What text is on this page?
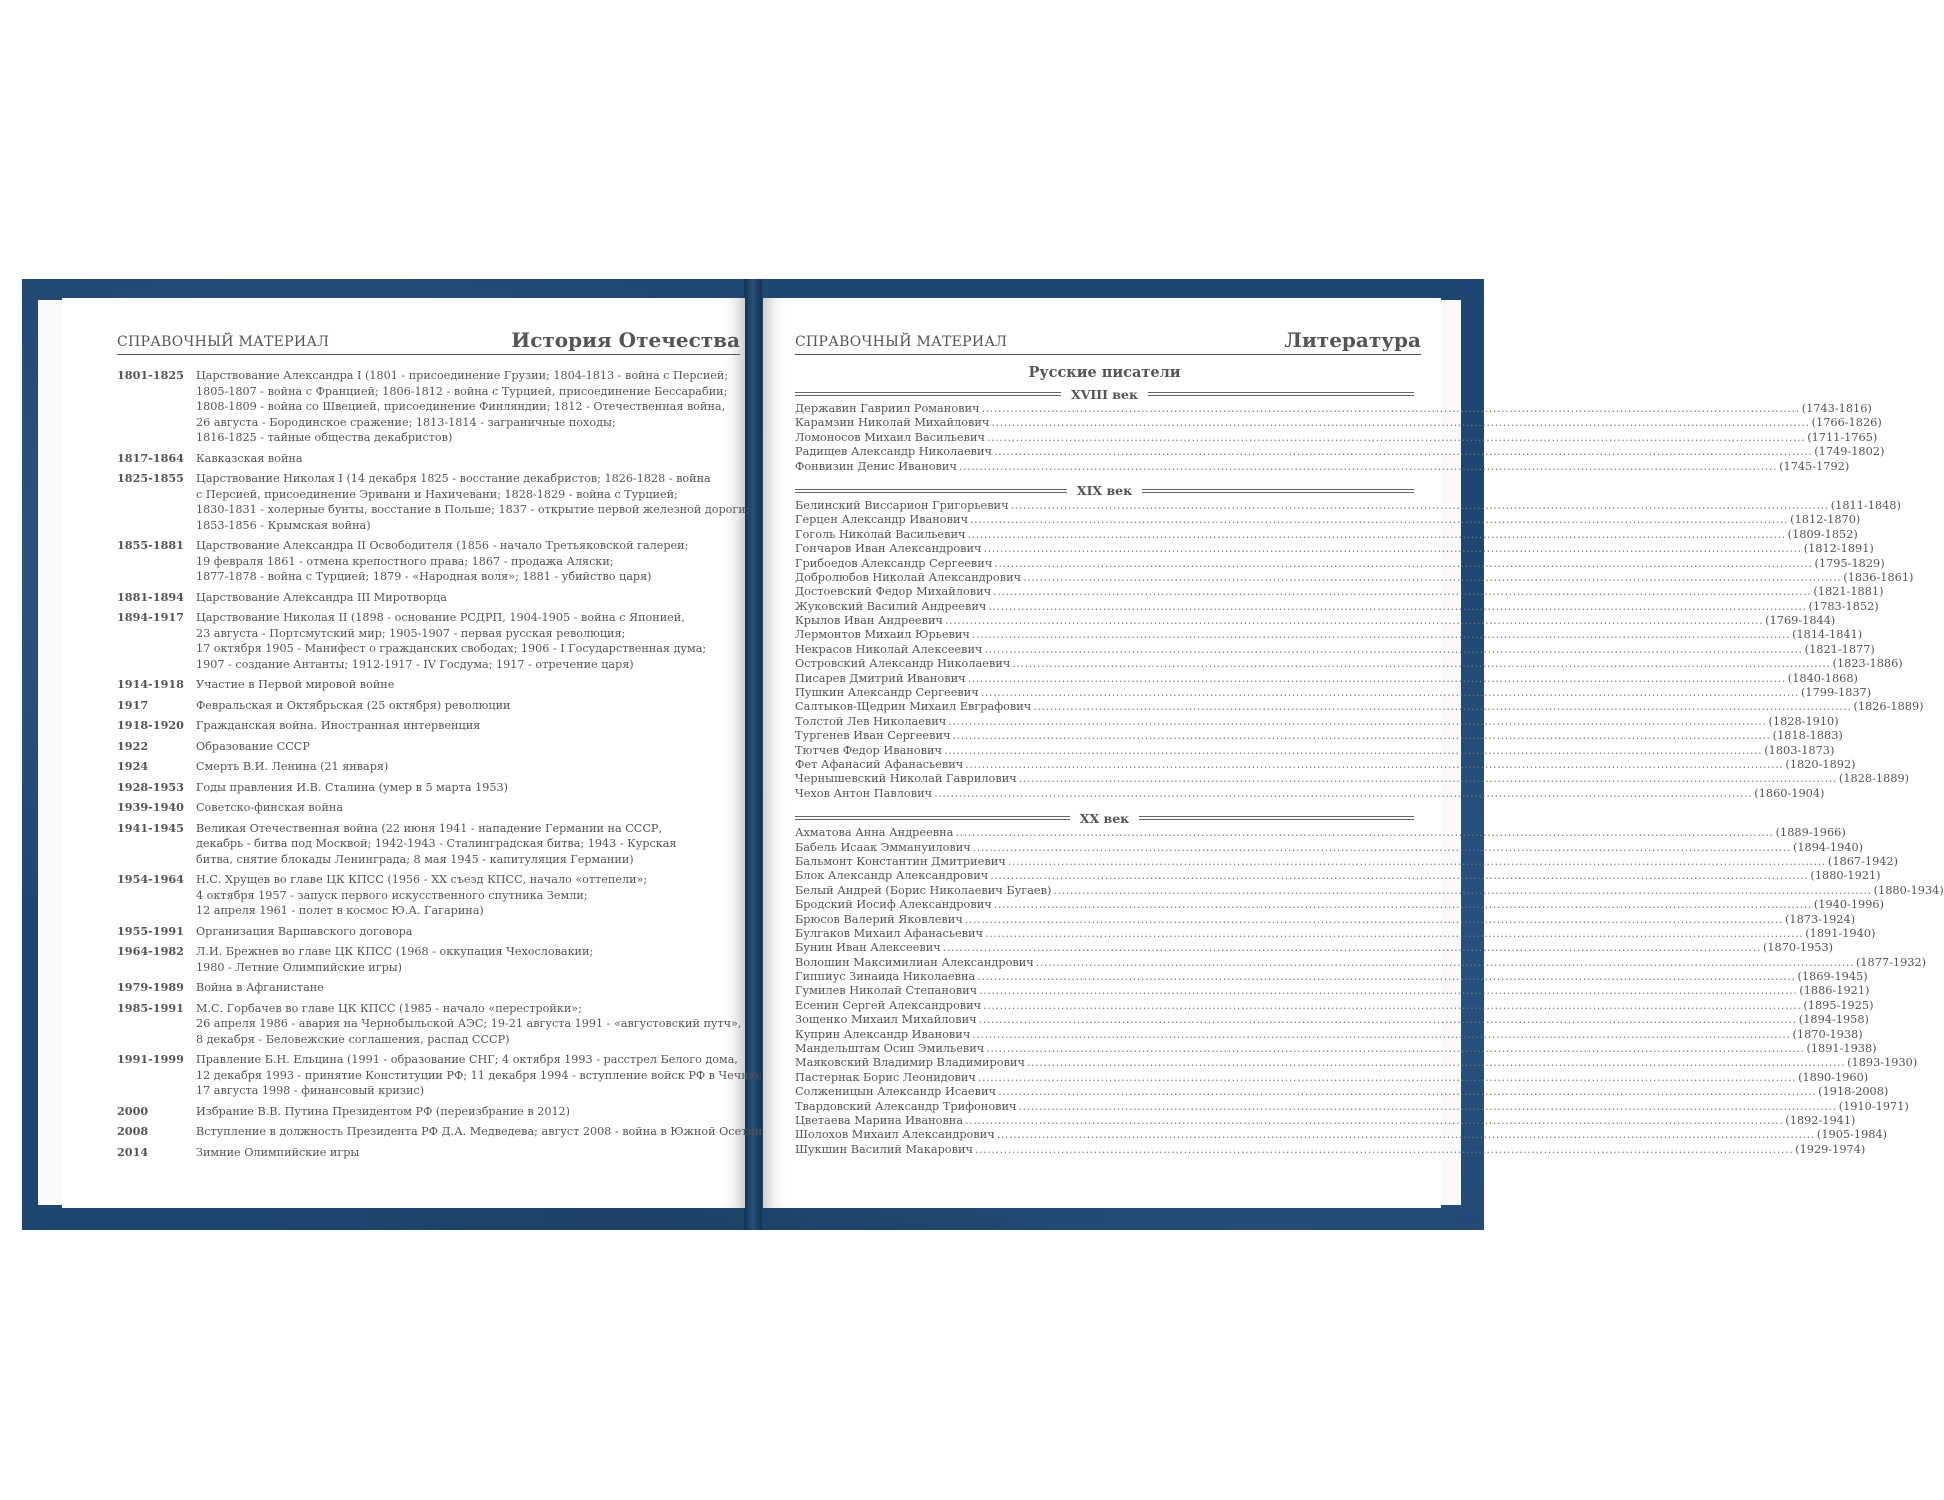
СПРАВОЧНЫЙ МАТЕРИАЛ	История Отечества
1801-1825	Царствование Александра I (1801 - присоединение Грузии; 1804-1813 - война с Персией;
1805-1807 - война с Францией; 1806-1812 - война с Турцией, присоединение Бессарабии;
1808-1809 - война со Швецией, присоединение Финляндии; 1812 - Отечественная война,
26 августа - Бородинское сражение; 1813-1814 - заграничные походы;
1816-1825 - тайные общества декабристов)
1817-1864	Кавказская война
1825-1855	Царствование Николая I (14 декабря 1825 - восстание декабристов; 1826-1828 - война
с Персией, присоединение Эривани и Нахичевани; 1828-1829 - война с Турцией;
1830-1831 - холерные бунты, восстание в Польше; 1837 - открытие первой железной дороги;
1853-1856 - Крымская война)
1855-1881	Царствование Александра II Освободителя (1856 - начало Третьяковской галереи;
19 февраля 1861 - отмена крепостного права; 1867 - продажа Аляски;
1877-1878 - война с Турцией; 1879 - «Народная воля»; 1881 - убийство царя)
1881-1894	Царствование Александра III Миротворца
1894-1917	Царствование Николая II (1898 - основание РСДРП, 1904-1905 - война с Японией,
23 августа - Портсмутский мир; 1905-1907 - первая русская революция;
17 октября 1905 - Манифест о гражданских свободах; 1906 - I Государственная дума;
1907 - создание Антанты; 1912-1917 - IV Госдума; 1917 - отречение царя)
1914-1918	Участие в Первой мировой войне
1917	Февральская и Октябрьская (25 октября) революции
1918-1920	Гражданская война. Иностранная интервенция
1922	Образование СССР
1924	Смерть В.И. Ленина (21 января)
1928-1953	Годы правления И.В. Сталина (умер в 5 марта 1953)
1939-1940	Советско-финская война
1941-1945	Великая Отечественная война (22 июня 1941 - нападение Германии на СССР,
декабрь - битва под Москвой; 1942-1943 - Сталинградская битва; 1943 - Курская
битва, снятие блокады Ленинграда; 8 мая 1945 - капитуляция Германии)
1954-1964	Н.С. Хрущев во главе ЦК КПСС (1956 - XX съезд КПСС, начало «оттепели»;
4 октября 1957 - запуск первого искусственного спутника Земли;
12 апреля 1961 - полет в космос Ю.А. Гагарина)
1955-1991	Организация Варшавского договора
1964-1982	Л.И. Брежнев во главе ЦК КПСС (1968 - оккупация Чехословакии;
1980 - Летние Олимпийские игры)
1979-1989	Война в Афганистане
1985-1991	М.С. Горбачев во главе ЦК КПСС (1985 - начало «перестройки»;
26 апреля 1986 - авария на Чернобыльской АЭС; 19-21 августа 1991 - «августовский путч»,
8 декабря - Беловежские соглашения, распад СССР)
1991-1999	Правление Б.Н. Ельцина (1991 - образование СНГ; 4 октября 1993 - расстрел Белого дома,
12 декабря 1993 - принятие Конституции РФ; 11 декабря 1994 - вступление войск РФ в Чечню;
17 августа 1998 - финансовый кризис)
2000	Избрание В.В. Путина Президентом РФ (переизбрание в 2012)
2008	Вступление в должность Президента РФ Д.А. Медведева; август 2008 - война в Южной Осетии
2014	Зимние Олимпийские игры
СПРАВОЧНЫЙ МАТЕРИАЛ	Литература
Русские писатели
XVIII век
Державин Гавриил Романович ........................................................................................................................................................................................................ (1743-1816)
Карамзин Николай Михайлович ........................................................................................................................................................................................................ (1766-1826)
Ломоносов Михаил Васильевич ........................................................................................................................................................................................................ (1711-1765)
Радищев Александр Николаевич ........................................................................................................................................................................................................ (1749-1802)
Фонвизин Денис Иванович ........................................................................................................................................................................................................ (1745-1792)
XIX век
Белинский Виссарион Григорьевич ........................................................................................................................................................................................................ (1811-1848)
Герцен Александр Иванович ........................................................................................................................................................................................................ (1812-1870)
Гоголь Николай Васильевич ........................................................................................................................................................................................................ (1809-1852)
Гончаров Иван Александрович ........................................................................................................................................................................................................ (1812-1891)
Грибоедов Александр Сергеевич ........................................................................................................................................................................................................ (1795-1829)
Добролюбов Николай Александрович ........................................................................................................................................................................................................ (1836-1861)
Достоевский Федор Михайлович ........................................................................................................................................................................................................ (1821-1881)
Жуковский Василий Андреевич ........................................................................................................................................................................................................ (1783-1852)
Крылов Иван Андреевич ........................................................................................................................................................................................................ (1769-1844)
Лермонтов Михаил Юрьевич ........................................................................................................................................................................................................ (1814-1841)
Некрасов Николай Алексеевич ........................................................................................................................................................................................................ (1821-1877)
Островский Александр Николаевич ........................................................................................................................................................................................................ (1823-1886)
Писарев Дмитрий Иванович ........................................................................................................................................................................................................ (1840-1868)
Пушкин Александр Сергеевич ........................................................................................................................................................................................................ (1799-1837)
Салтыков-Щедрин Михаил Евграфович ........................................................................................................................................................................................................ (1826-1889)
Толстой Лев Николаевич ........................................................................................................................................................................................................ (1828-1910)
Тургенев Иван Сергеевич ........................................................................................................................................................................................................ (1818-1883)
Тютчев Федор Иванович ........................................................................................................................................................................................................ (1803-1873)
Фет Афанасий Афанасьевич ........................................................................................................................................................................................................ (1820-1892)
Чернышевский Николай Гаврилович ........................................................................................................................................................................................................ (1828-1889)
Чехов Антон Павлович ........................................................................................................................................................................................................ (1860-1904)
XX век
Ахматова Анна Андреевна ........................................................................................................................................................................................................ (1889-1966)
Бабель Исаак Эммануилович ........................................................................................................................................................................................................ (1894-1940)
Бальмонт Константин Дмитриевич ........................................................................................................................................................................................................ (1867-1942)
Блок Александр Александрович ........................................................................................................................................................................................................ (1880-1921)
Белый Андрей (Борис Николаевич Бугаев) ........................................................................................................................................................................................................ (1880-1934)
Бродский Иосиф Александрович ........................................................................................................................................................................................................ (1940-1996)
Брюсов Валерий Яковлевич ........................................................................................................................................................................................................ (1873-1924)
Булгаков Михаил Афанасьевич ........................................................................................................................................................................................................ (1891-1940)
Бунин Иван Алексеевич ........................................................................................................................................................................................................ (1870-1953)
Волошин Максимилиан Александрович ........................................................................................................................................................................................................ (1877-1932)
Гиппиус Зинаида Николаевна ........................................................................................................................................................................................................ (1869-1945)
Гумилев Николай Степанович ........................................................................................................................................................................................................ (1886-1921)
Есенин Сергей Александрович ........................................................................................................................................................................................................ (1895-1925)
Зощенко Михаил Михайлович ........................................................................................................................................................................................................ (1894-1958)
Куприн Александр Иванович ........................................................................................................................................................................................................ (1870-1938)
Мандельштам Осип Эмильевич ........................................................................................................................................................................................................ (1891-1938)
Маяковский Владимир Владимирович ........................................................................................................................................................................................................ (1893-1930)
Пастернак Борис Леонидович ........................................................................................................................................................................................................ (1890-1960)
Солженицын Александр Исаевич ........................................................................................................................................................................................................ (1918-2008)
Твардовский Александр Трифонович ........................................................................................................................................................................................................ (1910-1971)
Цветаева Марина Ивановна ........................................................................................................................................................................................................ (1892-1941)
Шолохов Михаил Александрович ........................................................................................................................................................................................................ (1905-1984)
Шукшин Василий Макарович ........................................................................................................................................................................................................ (1929-1974)
